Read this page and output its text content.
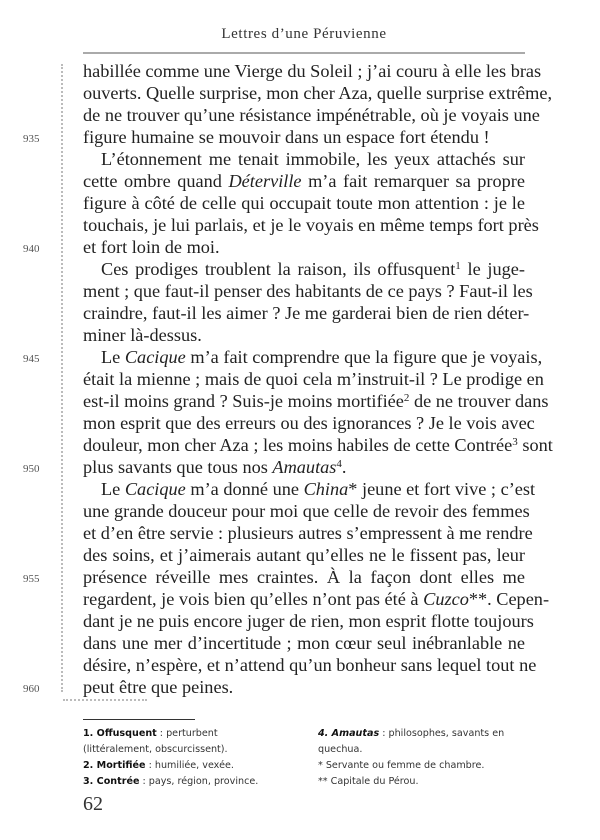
Lettres d’une Péruvienne
habillée comme une Vierge du Soleil ; j’ai couru à elle les bras
ouverts. Quelle surprise, mon cher Aza, quelle surprise extrême,
de ne trouver qu’une résistance impénétrable, où je voyais une
935 figure humaine se mouvoir dans un espace fort étendu !
L’étonnement me tenait immobile, les yeux attachés sur
cette ombre quand Déterville m’a fait remarquer sa propre
figure à côté de celle qui occupait toute mon attention : je le
touchais, je lui parlais, et je le voyais en même temps fort près
940 et fort loin de moi.
Ces prodiges troublent la raison, ils offusquent$^1$ le juge-
ment ; que faut-il penser des habitants de ce pays ? Faut-il les
craindre, faut-il les aimer ? Je me garderai bien de rien déter-
miner là-dessus.
945	Le Cacique m’a fait comprendre que la figure que je voyais,
était la mienne ; mais de quoi cela m’instruit-il ? Le prodige en
est-il moins grand ? Suis-je moins mortifiée$^2$ de ne trouver dans
mon esprit que des erreurs ou des ignorances ? Je le vois avec
douleur, mon cher Aza ; les moins habiles de cette Contrée$^3$ sont
950 plus savants que tous nos Amautas$^4$.
Le Cacique m’a donné une China* jeune et fort vive ; c’est
une grande douceur pour moi que celle de revoir des femmes
et d’en être servie : plusieurs autres s’empressent à me rendre
des soins, et j’aimerais autant qu’elles ne le fissent pas, leur
955 présence réveille mes craintes. À la façon dont elles me
regardent, je vois bien qu’elles n’ont pas été à Cuzco**. Cepen-
dant je ne puis encore juger de rien, mon esprit flotte toujours
dans une mer d’incertitude ; mon cœur seul inébranlable ne
désire, n’espère, et n’attend qu’un bonheur sans lequel tout ne
960 peut être que peines.
1. Offusquent : perturbent (littéralement, obscurcissent).
2. Mortifiée : humiliée, vexée.
3. Contrée : pays, région, province.
4. Amautas : philosophes, savants en quechua.
* Servante ou femme de chambre.
** Capitale du Pérou.
62
